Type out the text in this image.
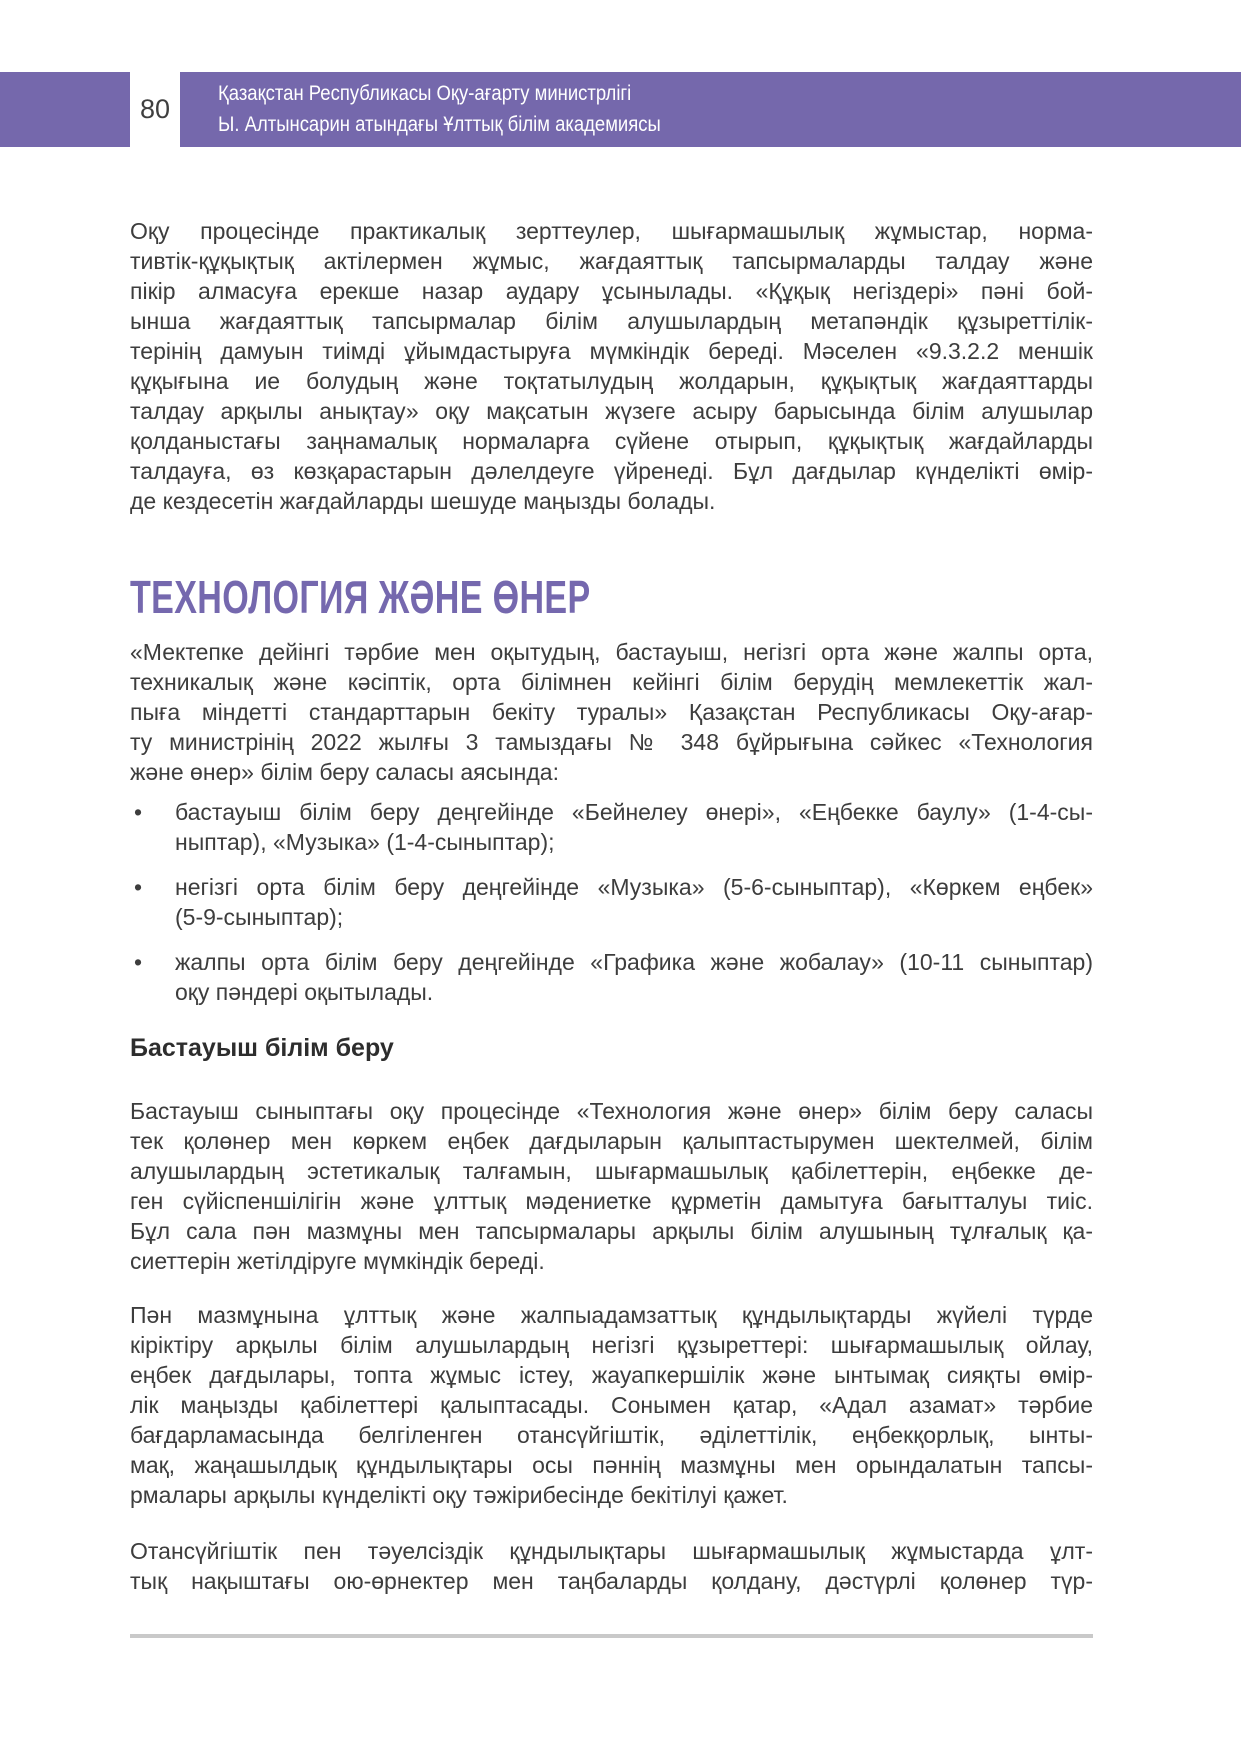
80
Қазақстан Республикасы Оқу-ағарту министрлігі
Ы. Алтынсарин атындағы Ұлттық білім академиясы
Оқу процесінде практикалық зерттеулер, шығармашылық жұмыстар, норма-
тивтік-құқықтық актілермен жұмыс, жағдаяттық тапсырмаларды талдау және
пікір алмасуға ерекше назар аудару ұсынылады. «Құқық негіздері» пәні бой-
ынша жағдаяттық тапсырмалар білім алушылардың метапәндік құзыреттілік-
терінің дамуын тиімді ұйымдастыруға мүмкіндік береді. Мәселен «9.3.2.2 меншік
құқығына ие болудың және тоқтатылудың жолдарын, құқықтық жағдаяттарды
талдау арқылы анықтау» оқу мақсатын жүзеге асыру барысында білім алушылар
қолданыстағы заңнамалық нормаларға сүйене отырып, құқықтық жағдайларды
талдауға, өз көзқарастарын дәлелдеуге үйренеді. Бұл дағдылар күнделікті өмір-
де кездесетін жағдайларды шешуде маңызды болады.
ТЕХНОЛОГИЯ ЖӘНЕ ӨНЕР
«Мектепке дейінгі тәрбие мен оқытудың, бастауыш, негізгі орта және жалпы орта,
техникалық және кәсіптік, орта білімнен кейінгі білім берудің мемлекеттік жал-
пыға міндетті стандарттарын бекіту туралы» Қазақстан Республикасы Оқу-ағар-
ту министрінің 2022 жылғы 3 тамыздағы № 348 бұйрығына сәйкес «Технология
және өнер» білім беру саласы аясында:
• бастауыш білім беру деңгейінде «Бейнелеу өнері», «Еңбекке баулу» (1-4-сы-
ныптар), «Музыка» (1-4-сыныптар);
• негізгі орта білім беру деңгейінде «Музыка» (5-6-сыныптар), «Көркем еңбек»
(5-9-сыныптар);
• жалпы орта білім беру деңгейінде «Графика және жобалау» (10-11 сыныптар)
оқу пәндері оқытылады.
Бастауыш білім беру
Бастауыш сыныптағы оқу процесінде «Технология және өнер» білім беру саласы
тек қолөнер мен көркем еңбек дағдыларын қалыптастырумен шектелмей, білім
алушылардың эстетикалық талғамын, шығармашылық қабілеттерін, еңбекке де-
ген сүйіспеншілігін және ұлттық мәдениетке құрметін дамытуға бағытталуы тиіс.
Бұл сала пән мазмұны мен тапсырмалары арқылы білім алушының тұлғалық қа-
сиеттерін жетілдіруге мүмкіндік береді.
Пән мазмұнына ұлттық және жалпыадамзаттық құндылықтарды жүйелі түрде
кіріктіру арқылы білім алушылардың негізгі құзыреттері: шығармашылық ойлау,
еңбек дағдылары, топта жұмыс істеу, жауапкершілік және ынтымақ сияқты өмір-
лік маңызды қабілеттері қалыптасады. Сонымен қатар, «Адал азамат» тәрбие
бағдарламасында белгіленген отансүйгіштік, әділеттілік, еңбекқорлық, ынты-
мақ, жаңашылдық құндылықтары осы пәннің мазмұны мен орындалатын тапсы-
рмалары арқылы күнделікті оқу тәжірибесінде бекітілуі қажет.
Отансүйгіштік пен тәуелсіздік құндылықтары шығармашылық жұмыстарда ұлт-
тық нақыштағы ою-өрнектер мен таңбаларды қолдану, дәстүрлі қолөнер түр-
